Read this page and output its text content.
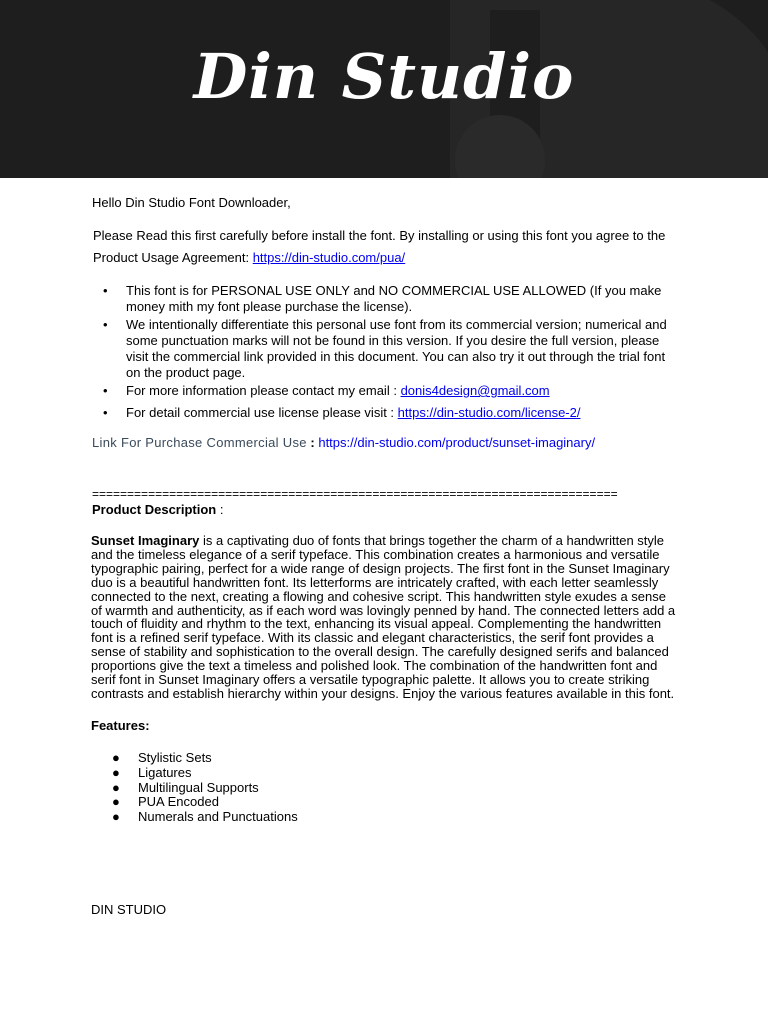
Din Studio
Hello Din Studio Font Downloader,
Please Read this first carefully before install the font. By installing or using this font you agree to the Product Usage Agreement: https://din-studio.com/pua/
• This font is for PERSONAL USE ONLY and NO COMMERCIAL USE ALLOWED (If you make money mith my font please purchase the license).
• We intentionally differentiate this personal use font from its commercial version; numerical and some punctuation marks will not be found in this version. If you desire the full version, please visit the commercial link provided in this document. You can also try it out through the trial font on the product page.
• For more information please contact my email : donis4design@gmail.com
• For detail commercial use license please visit : https://din-studio.com/license-2/
Link For Purchase Commercial Use : https://din-studio.com/product/sunset-imaginary/
===========================================================================
Product Description :
Sunset Imaginary is a captivating duo of fonts that brings together the charm of a handwritten style and the timeless elegance of a serif typeface. This combination creates a harmonious and versatile typographic pairing, perfect for a wide range of design projects. The first font in the Sunset Imaginary duo is a beautiful handwritten font. Its letterforms are intricately crafted, with each letter seamlessly connected to the next, creating a flowing and cohesive script. This handwritten style exudes a sense of warmth and authenticity, as if each word was lovingly penned by hand. The connected letters add a touch of fluidity and rhythm to the text, enhancing its visual appeal. Complementing the handwritten font is a refined serif typeface. With its classic and elegant characteristics, the serif font provides a sense of stability and sophistication to the overall design. The carefully designed serifs and balanced proportions give the text a timeless and polished look. The combination of the handwritten font and serif font in Sunset Imaginary offers a versatile typographic palette. It allows you to create striking contrasts and establish hierarchy within your designs. Enjoy the various features available in this font.
Features:
● Stylistic Sets
● Ligatures
● Multilingual Supports
● PUA Encoded
● Numerals and Punctuations
DIN STUDIO
